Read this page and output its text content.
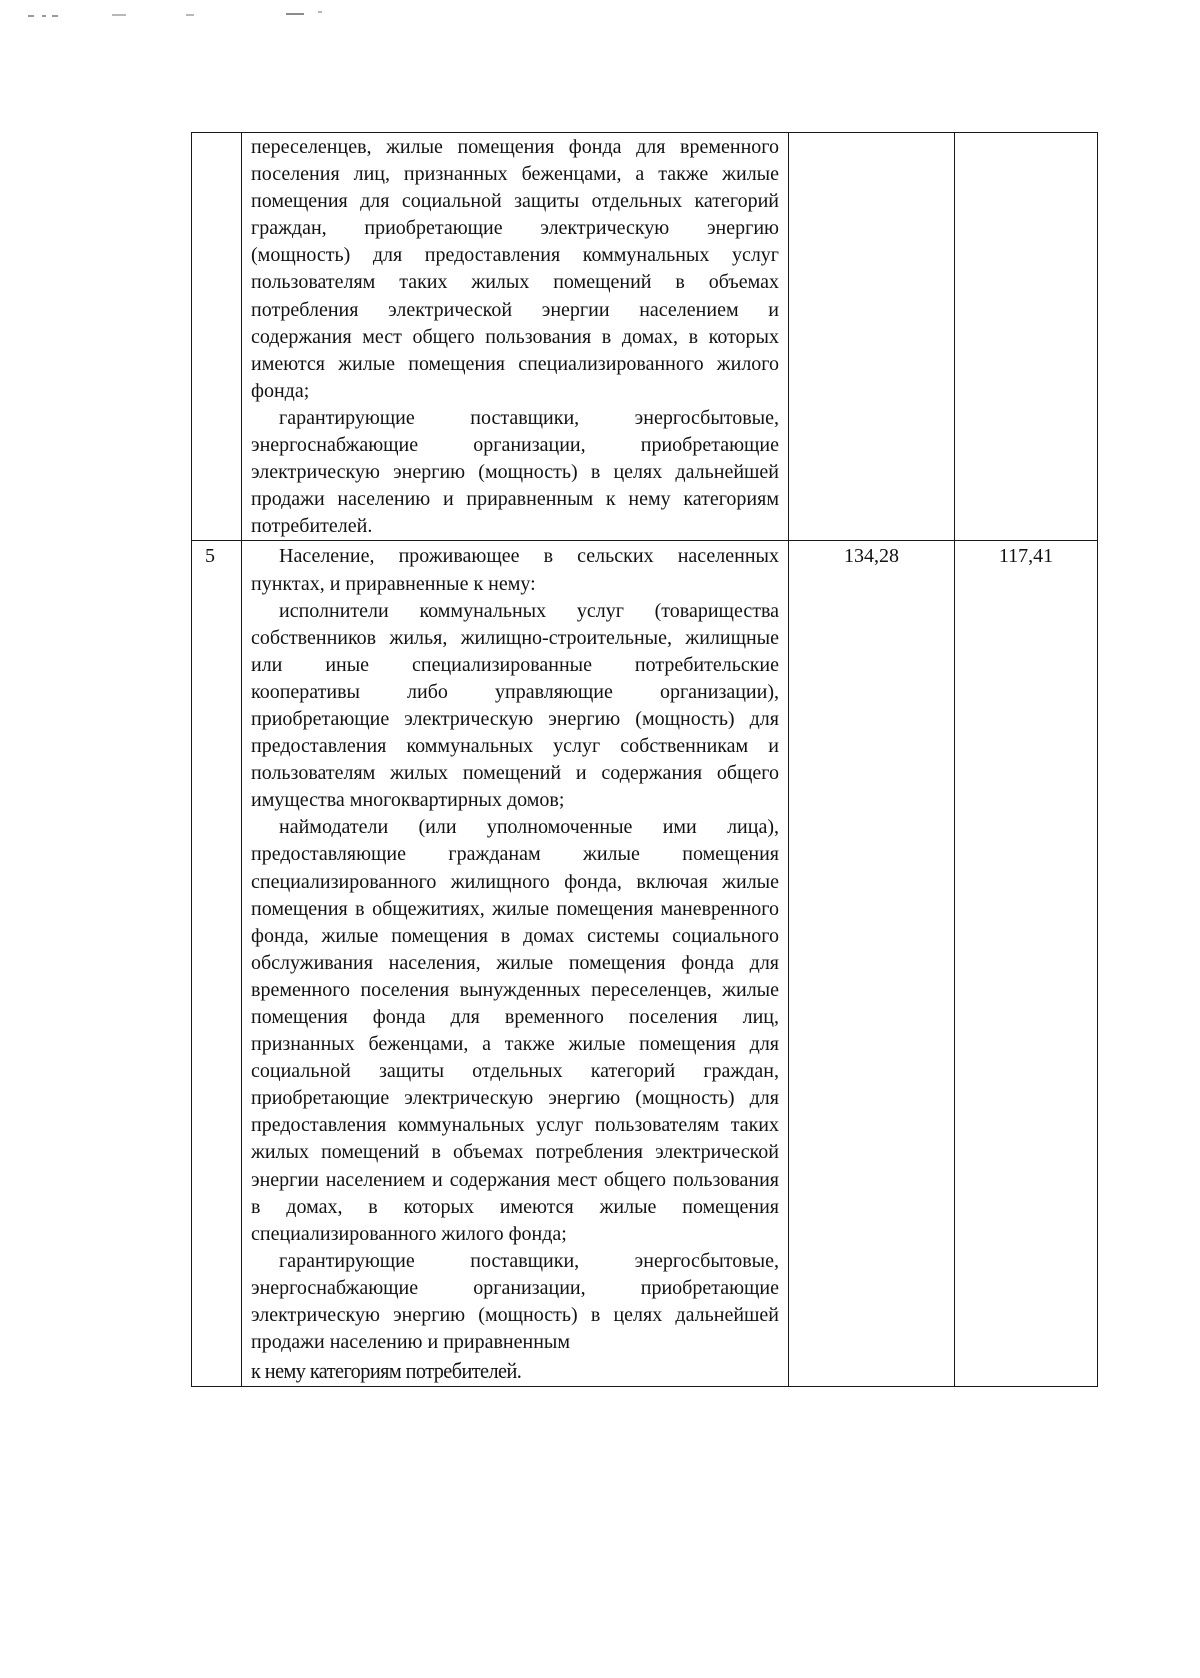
	переселенцев, жилые помещения фонда для временного поселения лиц, признанных беженцами, а также жилые помещения для социальной защиты отдельных категорий граждан, приобретающие электрическую энергию (мощность) для предоставления коммунальных услуг пользователям таких жилых помещений в объемах потребления электрической энергии населением и содержания мест общего пользования в домах, в которых имеются жилые помещения специализированного жилого фонда;

гарантирующие поставщики, энергосбытовые, энергоснабжающие организации, приобретающие электрическую энергию (мощность) в целях дальнейшей продажи населению и приравненным к нему категориям потребителей.		

5	Население, проживающее в сельских населенных пунктах, и приравненные к нему:

исполнители коммунальных услуг (товарищества собственников жилья, жилищно-строительные, жилищные или иные специализированные потребительские кооперативы либо управляющие организации), приобретающие электрическую энергию (мощность) для предоставления коммунальных услуг собственникам и пользователям жилых помещений и содержания общего имущества многоквартирных домов;

наймодатели (или уполномоченные ими лица), предоставляющие гражданам жилые помещения специализированного жилищного фонда, включая жилые помещения в общежитиях, жилые помещения маневренного фонда, жилые помещения в домах системы социального обслуживания населения, жилые помещения фонда для временного поселения вынужденных переселенцев, жилые помещения фонда для временного поселения лиц, признанных беженцами, а также жилые помещения для социальной защиты отдельных категорий граждан, приобретающие электрическую энергию (мощность) для предоставления коммунальных услуг пользователям таких жилых помещений в объемах потребления электрической энергии населением и содержания мест общего пользования в домах, в которых имеются жилые помещения специализированного жилого фонда;

гарантирующие поставщики, энергосбытовые, энергоснабжающие организации, приобретающие электрическую энергию (мощность) в целях дальнейшей продажи населению и приравненным

к нему категориям потребителей.	134,28	117,41
